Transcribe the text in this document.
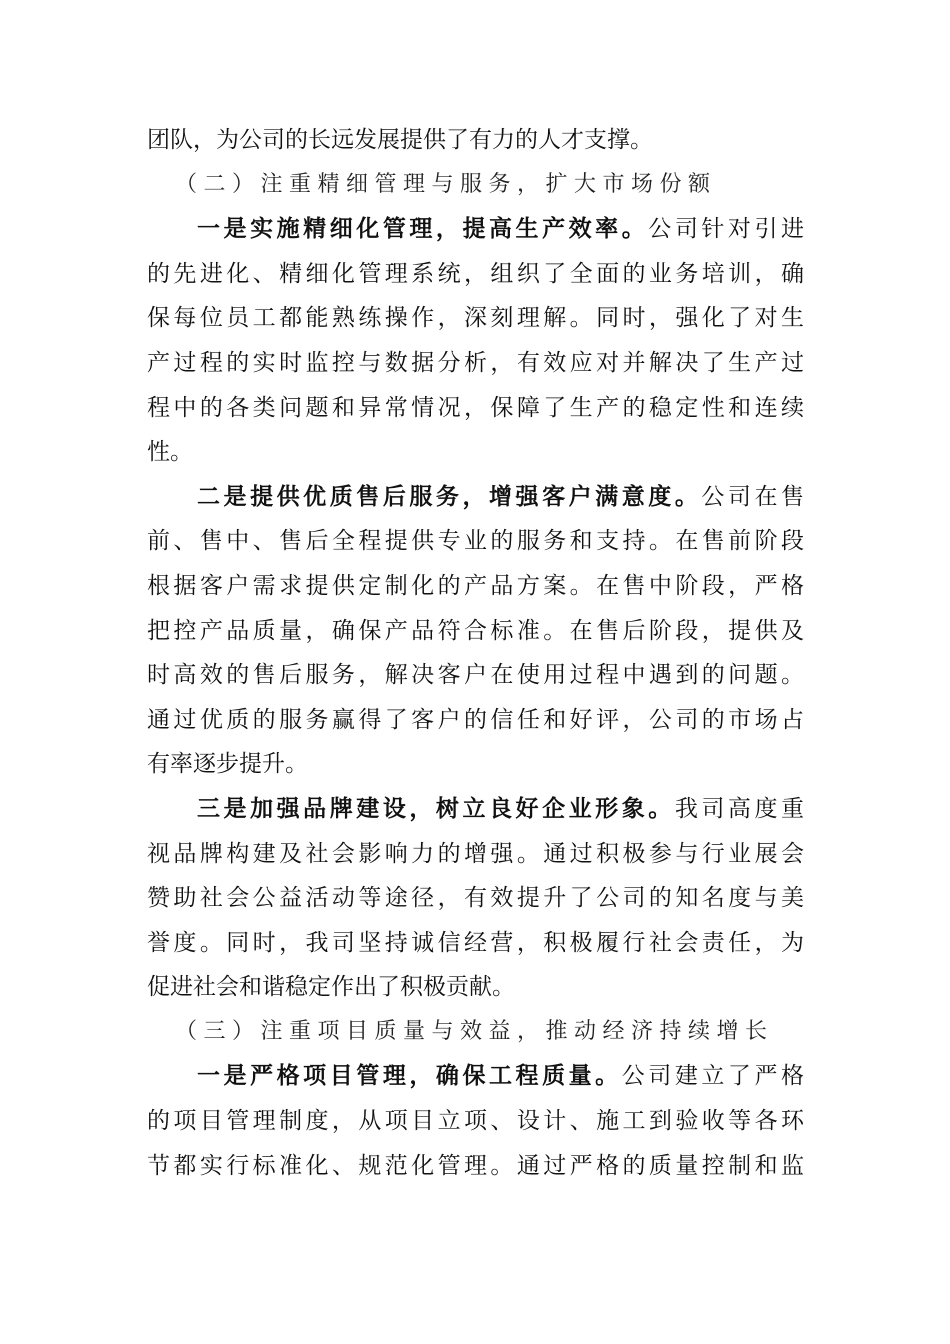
团队，为公司的长远发展提供了有力的人才支撑。
（二）注重精细管理与服务，扩大市场份额
一是实施精细化管理，提高生产效率。公司针对引进
的先进化、精细化管理系统，组织了全面的业务培训，确
保每位员工都能熟练操作，深刻理解。同时，强化了对生
产过程的实时监控与数据分析，有效应对并解决了生产过
程中的各类问题和异常情况，保障了生产的稳定性和连续
性。
二是提供优质售后服务，增强客户满意度。公司在售
前、售中、售后全程提供专业的服务和支持。在售前阶段
根据客户需求提供定制化的产品方案。在售中阶段，严格
把控产品质量，确保产品符合标准。在售后阶段，提供及
时高效的售后服务，解决客户在使用过程中遇到的问题。
通过优质的服务赢得了客户的信任和好评，公司的市场占
有率逐步提升。
三是加强品牌建设，树立良好企业形象。我司高度重
视品牌构建及社会影响力的增强。通过积极参与行业展会
赞助社会公益活动等途径，有效提升了公司的知名度与美
誉度。同时，我司坚持诚信经营，积极履行社会责任，为
促进社会和谐稳定作出了积极贡献。
（三）注重项目质量与效益，推动经济持续增长
一是严格项目管理，确保工程质量。公司建立了严格
的项目管理制度，从项目立项、设计、施工到验收等各环
节都实行标准化、规范化管理。通过严格的质量控制和监
